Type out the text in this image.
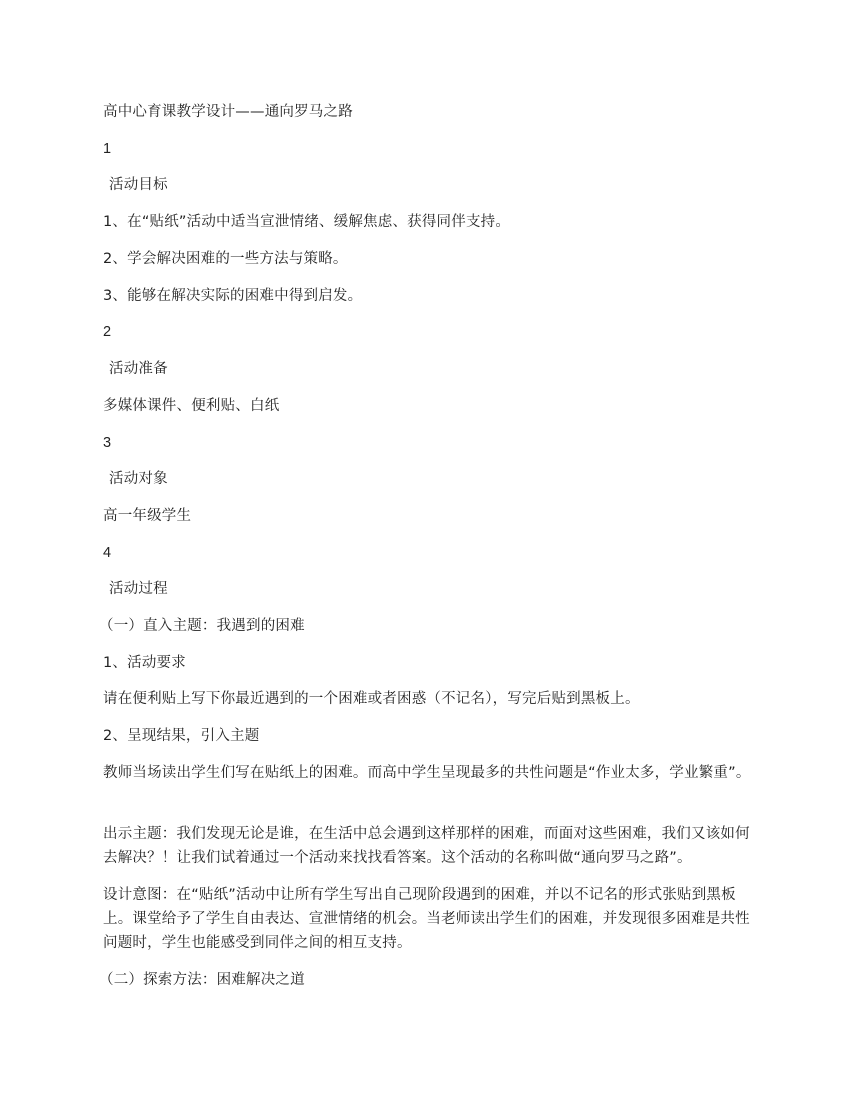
高中心育课教学设计——通向罗马之路

1

活动目标

1、在“贴纸”活动中适当宣泄情绪、缓解焦虑、获得同伴支持。

2、学会解决困难的一些方法与策略。

3、能够在解决实际的困难中得到启发。

2

活动准备

多媒体课件、便利贴、白纸

3

活动对象

高一年级学生

4

活动过程

（一）直入主题：我遇到的困难

1、活动要求

请在便利贴上写下你最近遇到的一个困难或者困惑（不记名），写完后贴到黑板上。

2、呈现结果，引入主题

教师当场读出学生们写在贴纸上的困难。而高中学生呈现最多的共性问题是“作业太多，学业繁重”。

出示主题：我们发现无论是谁，在生活中总会遇到这样那样的困难，而面对这些困难，我们又该如何去解决？！让我们试着通过一个活动来找找看答案。这个活动的名称叫做“通向罗马之路”。

设计意图：在“贴纸”活动中让所有学生写出自己现阶段遇到的困难，并以不记名的形式张贴到黑板上。课堂给予了学生自由表达、宣泄情绪的机会。当老师读出学生们的困难，并发现很多困难是共性问题时，学生也能感受到同伴之间的相互支持。

（二）探索方法：困难解决之道
